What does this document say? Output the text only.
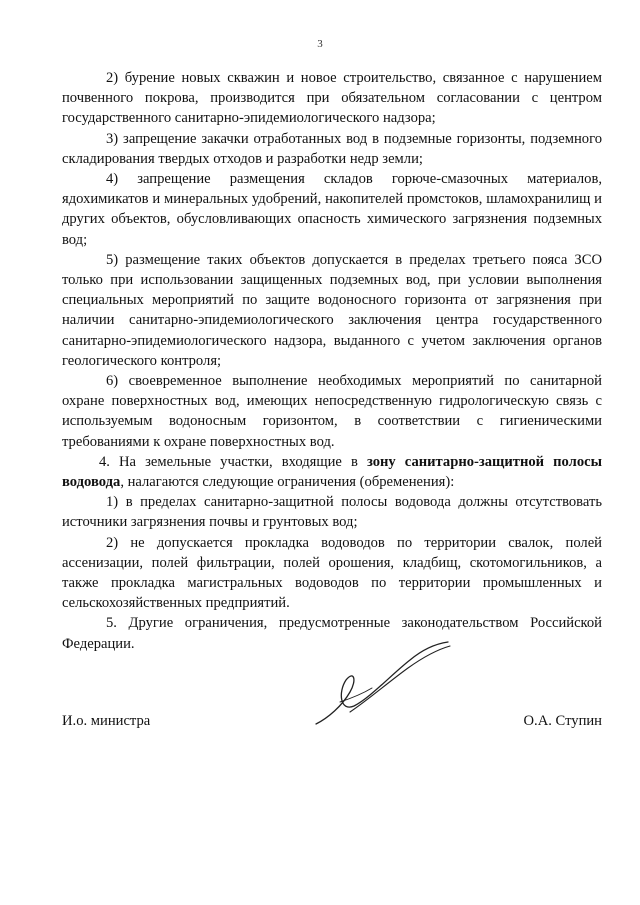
3

2) бурение новых скважин и новое строительство, связанное с нарушением почвенного покрова, производится при обязательном согласовании с центром государственного санитарно-эпидемиологического надзора;

3) запрещение закачки отработанных вод в подземные горизонты, подземного складирования твердых отходов и разработки недр земли;

4) запрещение размещения складов горюче-смазочных материалов, ядохимикатов и минеральных удобрений, накопителей промстоков, шламохранилищ и других объектов, обусловливающих опасность химического загрязнения подземных вод;

5) размещение таких объектов допускается в пределах третьего пояса ЗСО только при использовании защищенных подземных вод, при условии выполнения специальных мероприятий по защите водоносного горизонта от загрязнения при наличии санитарно-эпидемиологического заключения центра государственного санитарно-эпидемиологического надзора, выданного с учетом заключения органов геологического контроля;

6) своевременное выполнение необходимых мероприятий по санитарной охране поверхностных вод, имеющих непосредственную гидрологическую связь с используемым водоносным горизонтом, в соответствии с гигиеническими требованиями к охране поверхностных вод.

4. На земельные участки, входящие в зону санитарно-защитной полосы водовода, налагаются следующие ограничения (обременения):

1) в пределах санитарно-защитной полосы водовода должны отсутствовать источники загрязнения почвы и грунтовых вод;

2) не допускается прокладка водоводов по территории свалок, полей ассенизации, полей фильтрации, полей орошения, кладбищ, скотомогильников, а также прокладка магистральных водоводов по территории промышленных и сельскохозяйственных предприятий.

5. Другие ограничения, предусмотренные законодательством Российской Федерации.

И.о. министра	О.А. Ступин
